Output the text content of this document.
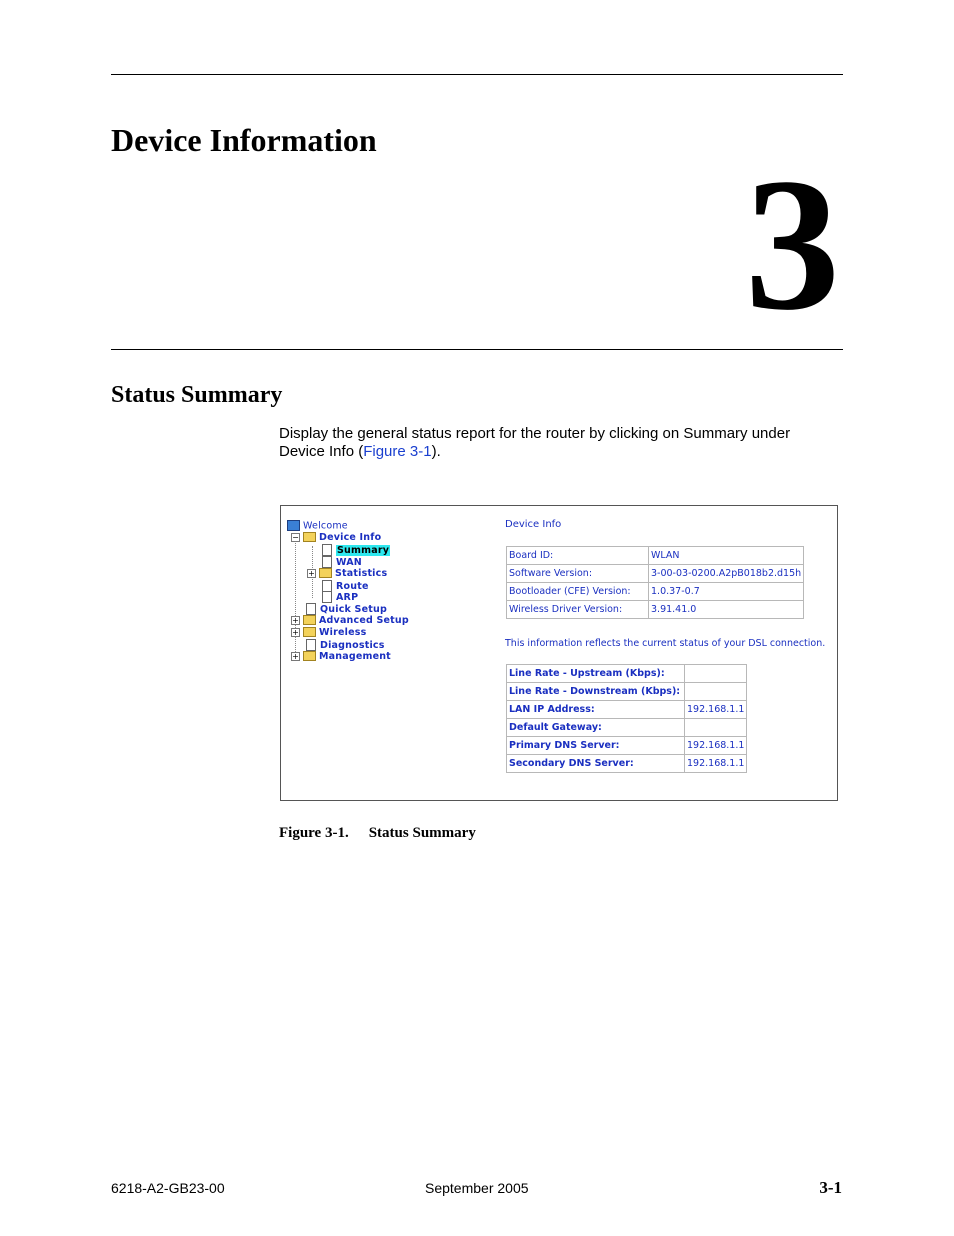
Device Information 3
Status Summary
Display the general status report for the router by clicking on Summary under Device Info (Figure 3-1).
Welcome
− Device Info
Summary
WAN
+ Statistics
Route
ARP
Quick Setup
+ Advanced Setup
+ Wireless
Diagnostics
+ Management
Device Info
Board ID:	WLAN
Software Version:	3-00-03-0200.A2pB018b2.d15h
Bootloader (CFE) Version:	1.0.37-0.7
Wireless Driver Version:	3.91.41.0
This information reflects the current status of your DSL connection.
Line Rate - Upstream (Kbps):	
Line Rate - Downstream (Kbps):	
LAN IP Address:	192.168.1.1
Default Gateway:	
Primary DNS Server:	192.168.1.1
Secondary DNS Server:	192.168.1.1
Figure 3-1. Status Summary
6218-A2-GB23-00	September 2005	3-1
